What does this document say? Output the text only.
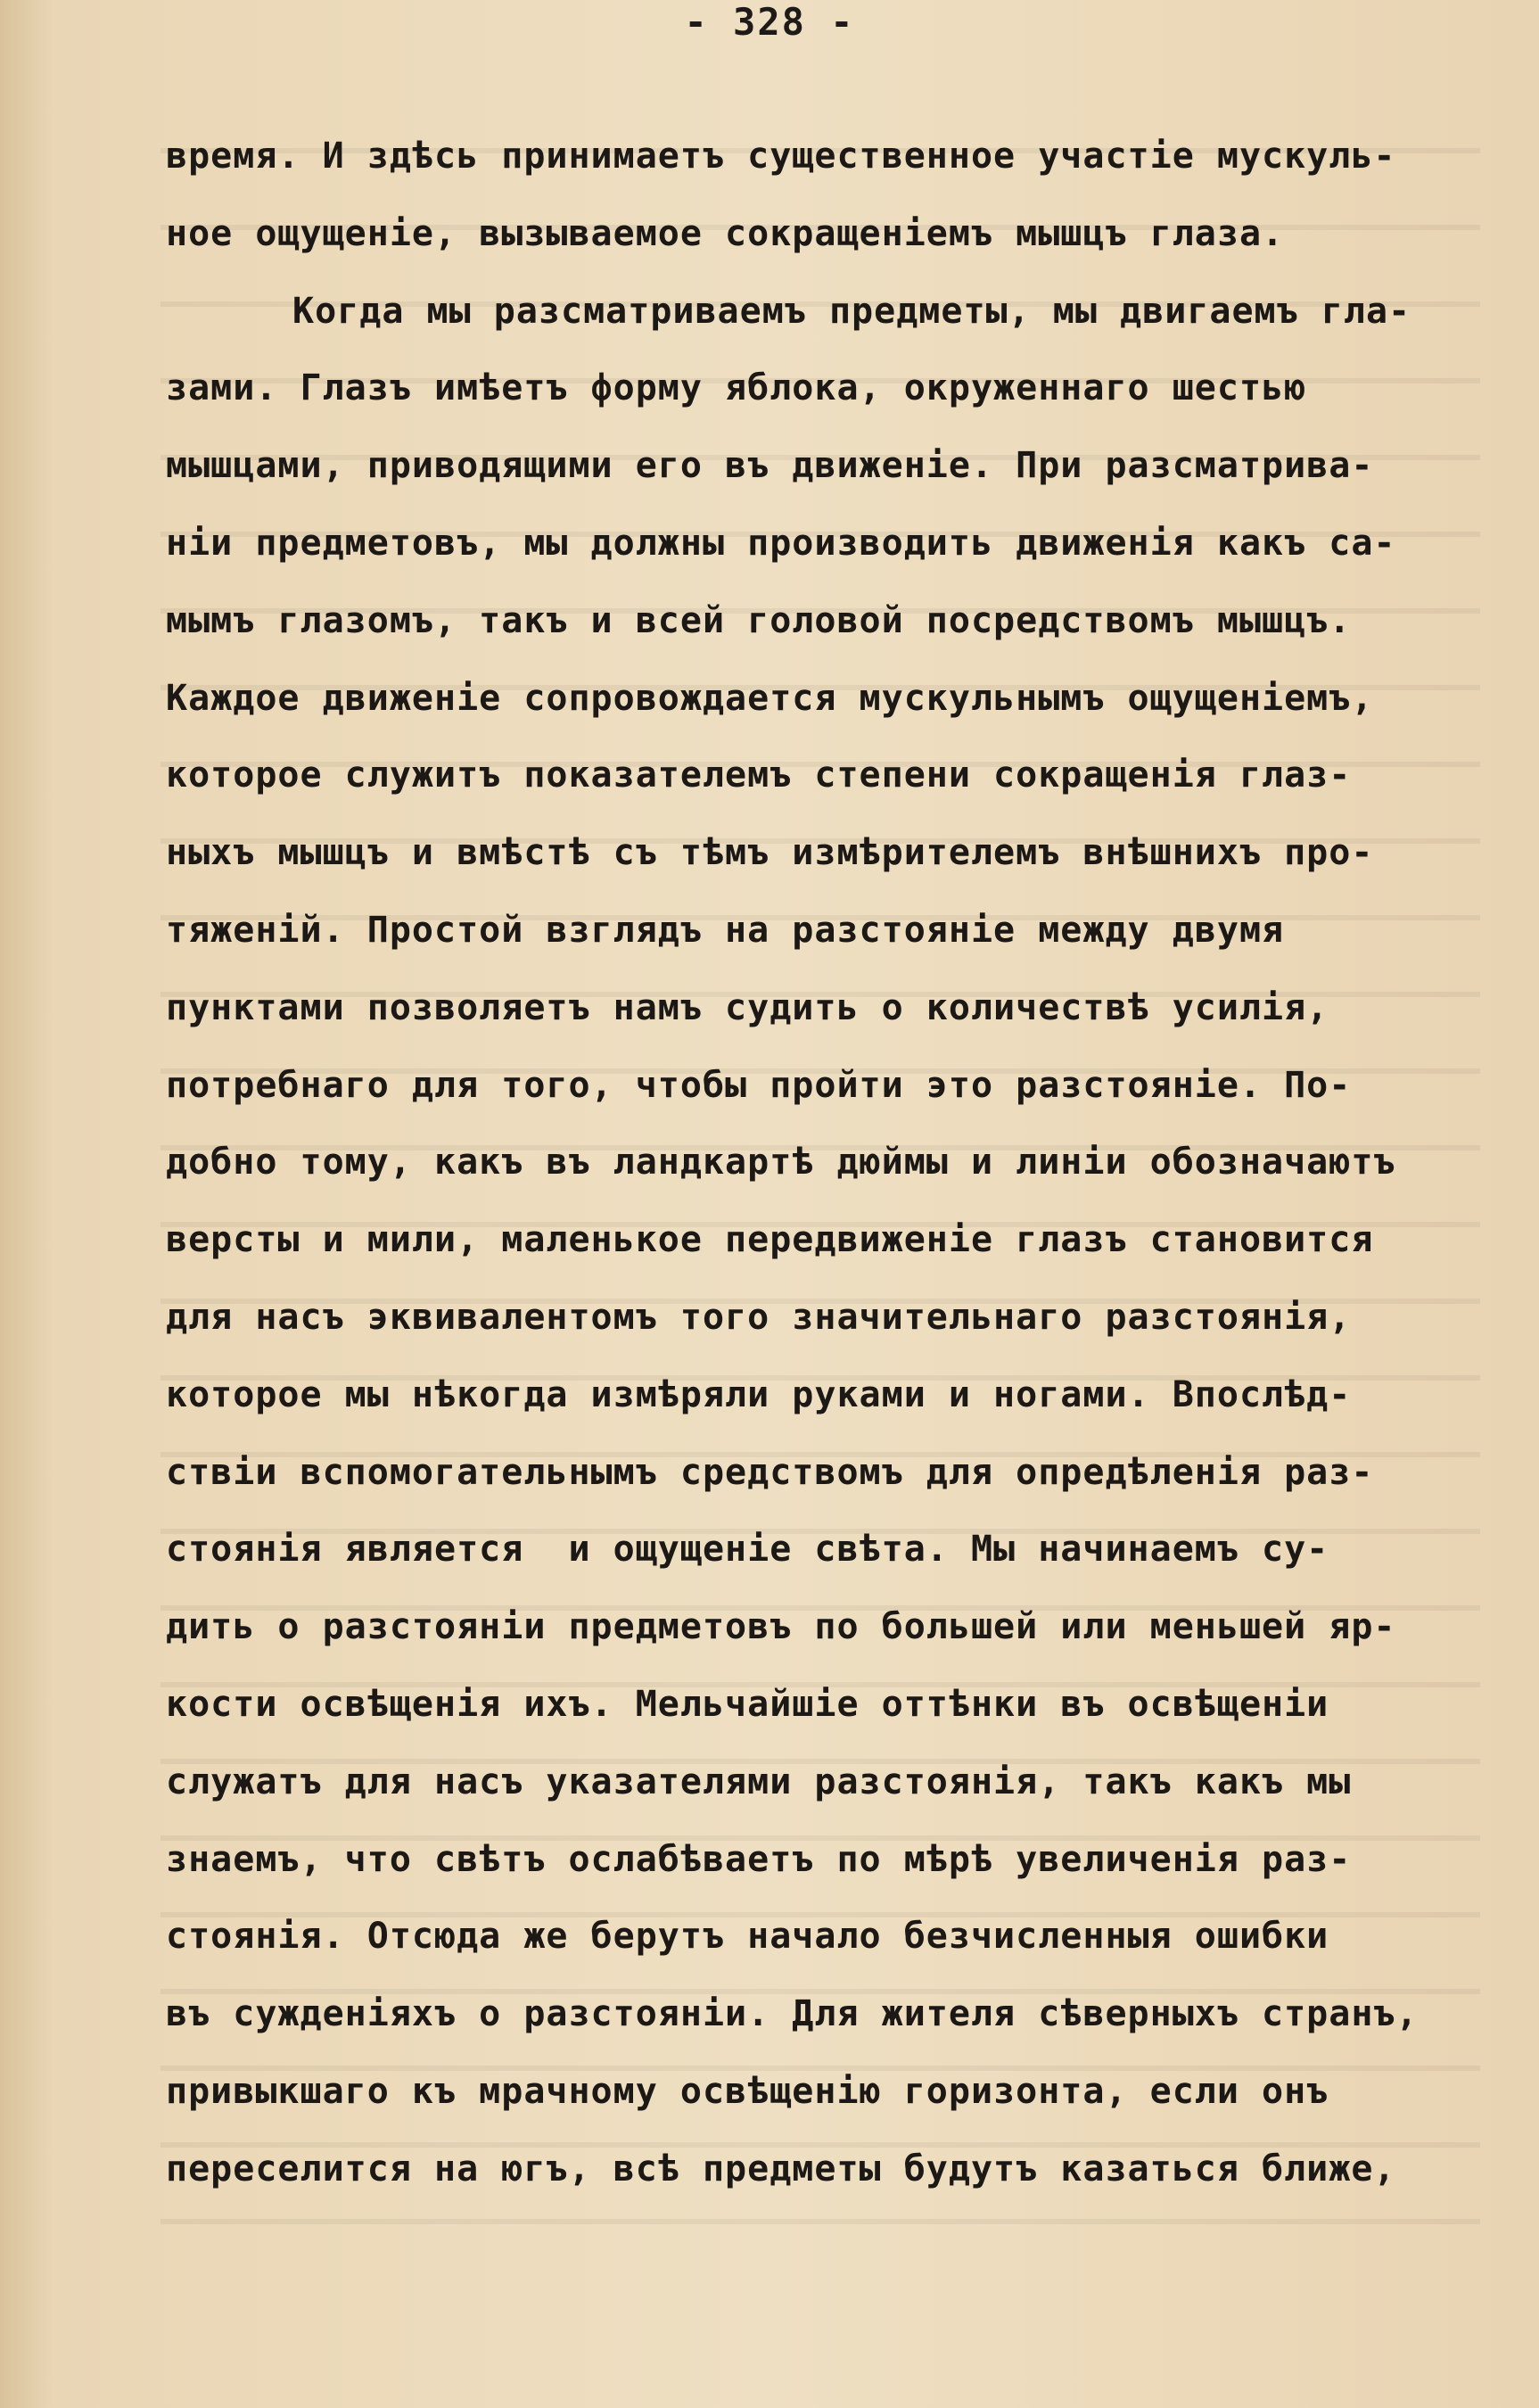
- 328 -
время. И здѣсь принимаетъ существенное участіе мускуль-
ное ощущеніе, вызываемое сокращеніемъ мышцъ глаза.
Когда мы разсматриваемъ предметы, мы двигаемъ гла-
зами. Глазъ имѣетъ форму яблока, окруженнаго шестью
мышцами, приводящими его въ движеніе. При разсматрива-
ніи предметовъ, мы должны производить движенія какъ са-
мымъ глазомъ, такъ и всей головой посредствомъ мышцъ.
Каждое движеніе сопровождается мускульнымъ ощущеніемъ,
которое служитъ показателемъ степени сокращенія глаз-
ныхъ мышцъ и вмѣстѣ съ тѣмъ измѣрителемъ внѣшнихъ про-
тяженій. Простой взглядъ на разстояніе между двумя
пунктами позволяетъ намъ судить о количествѣ усилія,
потребнаго для того, чтобы пройти это разстояніе. По-
добно тому, какъ въ ландкартѣ дюймы и линіи обозначаютъ
версты и мили, маленькое передвиженіе глазъ становится
для насъ эквивалентомъ того значительнаго разстоянія,
которое мы нѣкогда измѣряли руками и ногами. Впослѣд-
ствіи вспомогательнымъ средствомъ для опредѣленія раз-
стоянія является  и ощущеніе свѣта. Мы начинаемъ су-
дить о разстояніи предметовъ по большей или меньшей яр-
кости освѣщенія ихъ. Мельчайшіе оттѣнки въ освѣщеніи
служатъ для насъ указателями разстоянія, такъ какъ мы
знаемъ, что свѣтъ ослабѣваетъ по мѣрѣ увеличенія раз-
стоянія. Отсюда же берутъ начало безчисленныя ошибки
въ сужденіяхъ о разстояніи. Для жителя сѣверныхъ странъ,
привыкшаго къ мрачному освѣщенію горизонта, если онъ
переселится на югъ, всѣ предметы будутъ казаться ближе,
